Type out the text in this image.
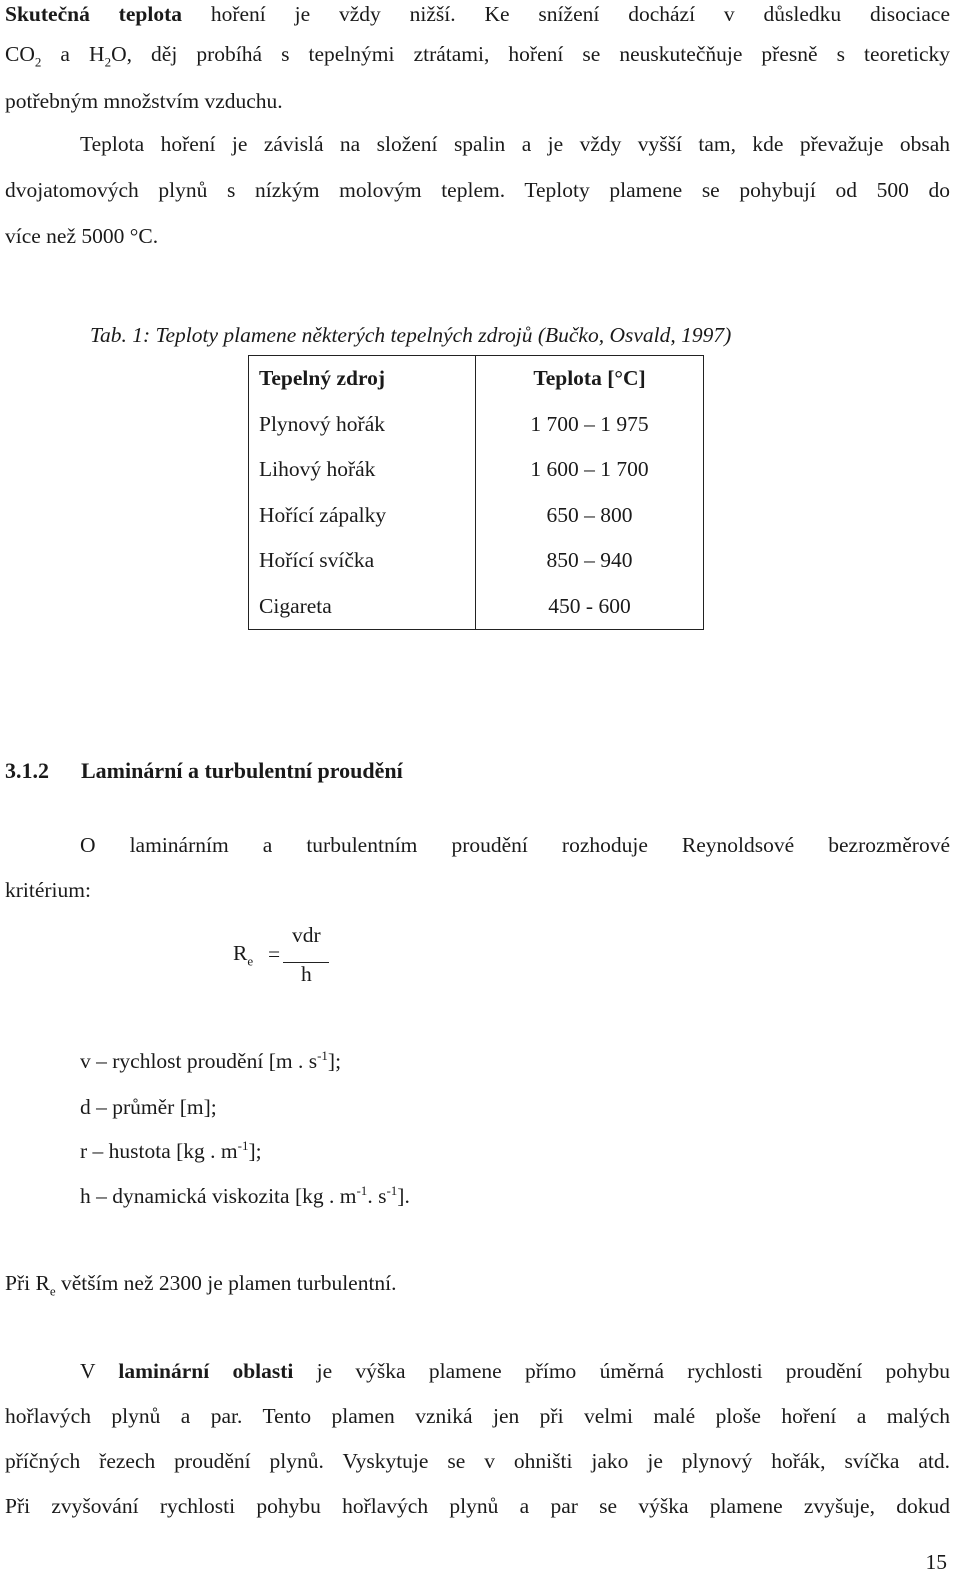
Skutečná teplota hoření je vždy nižší. Ke snížení dochází v důsledku disociace
$CO_2$ a $H_2O$, děj probíhá s tepelnými ztrátami, hoření se neuskutečňuje přesně s teoreticky
potřebným množstvím vzduchu.
Teplota hoření je závislá na složení spalin a je vždy vyšší tam, kde převažuje obsah
dvojatomových plynů s nízkým molovým teplem. Teploty plamene se pohybují od 500 do
více než 5000 °C.
Tab. 1: Teploty plamene některých tepelných zdrojů (Bučko, Osvald, 1997)
Tepelný zdroj	Teplota [°C]
Plynový hořák	1 700 – 1 975
Lihový hořák	1 600 – 1 700
Hořící zápalky	650 – 800
Hořící svíčka	850 – 940
Cigareta	450 - 600
3.1.2 Laminární a turbulentní proudění
O laminárním a turbulentním proudění rozhoduje Reynoldsové bezrozměrové
kritérium:
$R_e$ =
vdr
h
v – rychlost proudění [m . $s^{-1}$];
d – průměr [m];
r – hustota [kg . $m^{-1}$];
h – dynamická viskozita [kg . $m^{-1}$. $s^{-1}$].
Při $R_e$ větším než 2300 je plamen turbulentní.
V laminární oblasti je výška plamene přímo úměrná rychlosti proudění pohybu
hořlavých plynů a par. Tento plamen vzniká jen při velmi malé ploše hoření a malých
příčných řezech proudění plynů. Vyskytuje se v ohništi jako je plynový hořák, svíčka atd.
Při zvyšování rychlosti pohybu hořlavých plynů a par se výška plamene zvyšuje, dokud
15
